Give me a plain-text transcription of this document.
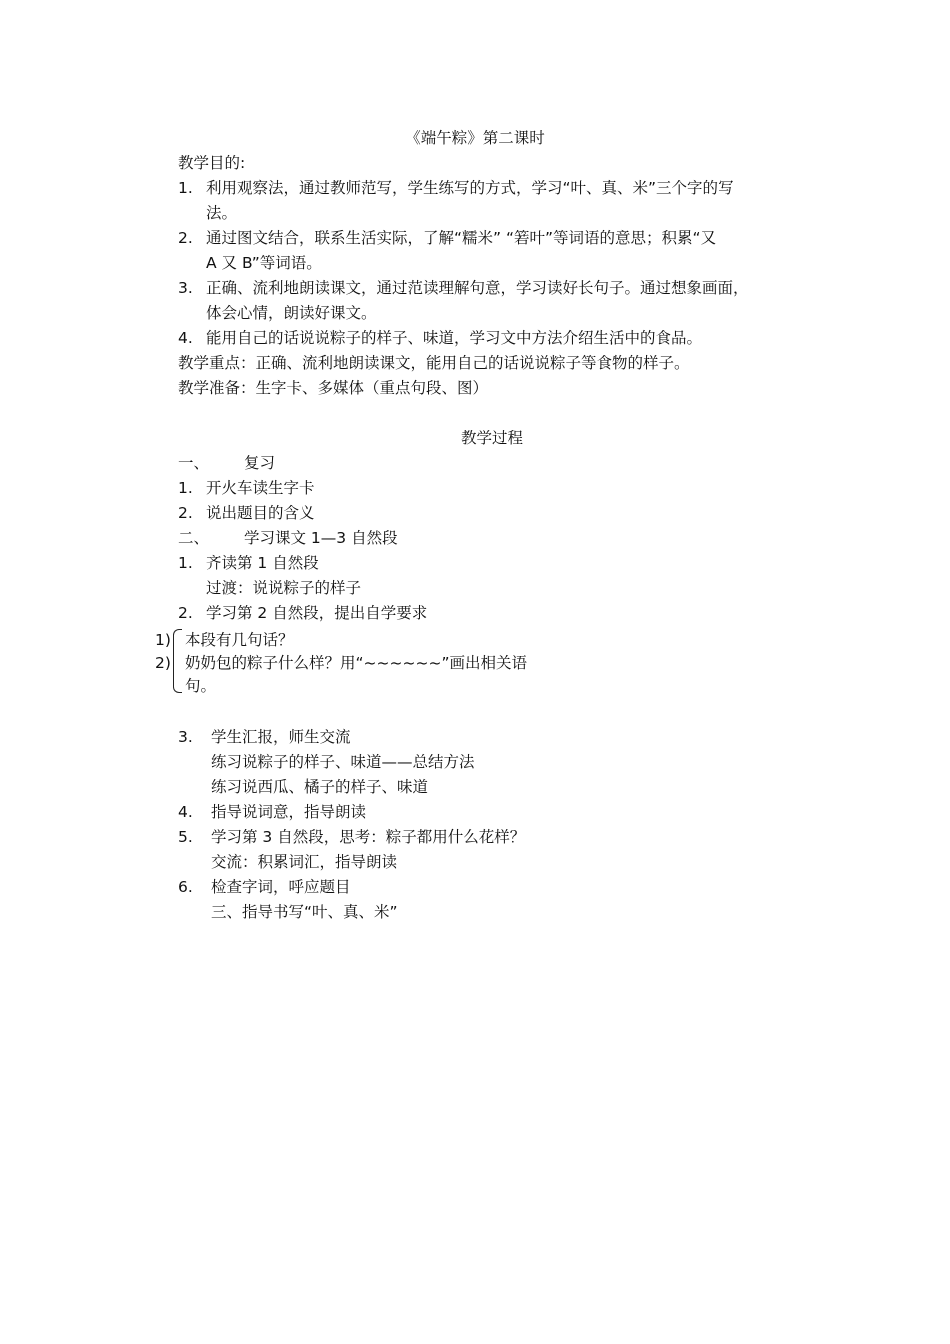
《端午粽》第二课时
教学目的:
1. 利用观察法，通过教师范写，学生练写的方式，学习“叶、真、米”三个字的写
法。
2. 通过图文结合，联系生活实际，了解“糯米” “箬叶”等词语的意思；积累“又
A 又 B”等词语。
3. 正确、流利地朗读课文，通过范读理解句意，学习读好长句子。通过想象画面，
体会心情，朗读好课文。
4. 能用自己的话说说粽子的样子、味道，学习文中方法介绍生活中的食品。
教学重点：正确、流利地朗读课文，能用自己的话说说粽子等食物的样子。
教学准备：生字卡、多媒体（重点句段、图）
教学过程
一、 复习
1. 开火车读生字卡
2. 说出题目的含义
二、 学习课文 1—3 自然段
1. 齐读第 1 自然段
过渡：说说粽子的样子
2. 学习第 2 自然段，提出自学要求
1) 本段有几句话？
2) 奶奶包的粽子什么样？用“~~~~~~”画出相关语
句。
3. 学生汇报，师生交流
练习说粽子的样子、味道——总结方法
练习说西瓜、橘子的样子、味道
4. 指导说词意，指导朗读
5. 学习第 3 自然段，思考：粽子都用什么花样？
交流：积累词汇，指导朗读
6. 检查字词，呼应题目
三、指导书写“叶、真、米”
